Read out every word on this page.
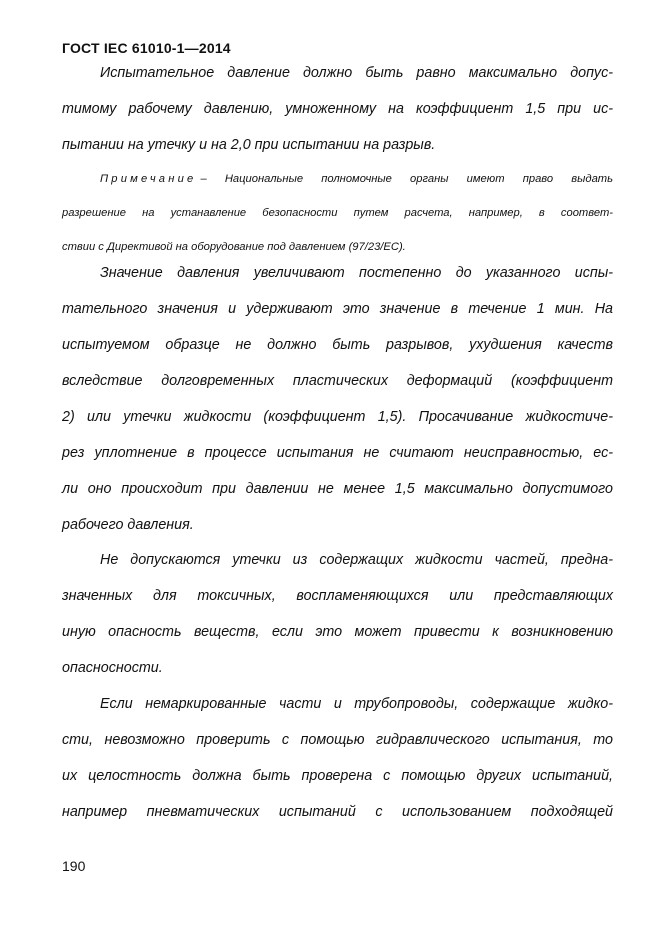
ГОСТ IEC 61010-1—2014
Испытательное давление должно быть равно максимально допус-
тимому рабочему давлению, умноженному на коэффициент 1,5 при ис-
пытании на утечку и на 2,0 при испытании на разрыв.
Примечание – Национальные полномочные органы имеют право выдать
разрешение на устанавление безопасности путем расчета, например, в соответ-
ствии с Директивой на оборудование под давлением (97/23/EC).
Значение давления увеличивают постепенно до указанного испы-
тательного значения и удерживают это значение в течение 1 мин. На
испытуемом образце не должно быть разрывов, ухудшения качеств
вследствие долговременных пластических деформаций (коэффициент
2) или утечки жидкости (коэффициент 1,5). Просачивание жидкостиче-
рез уплотнение в процессе испытания не считают неисправностью, ес-
ли оно происходит при давлении не менее 1,5 максимально допустимого
рабочего давления.
Не допускаются утечки из содержащих жидкости частей, предна-
значенных для токсичных, воспламеняющихся или представляющих
иную опасность веществ, если это может привести к возникновению
опасносности.
Если немаркированные части и трубопроводы, содержащие жидко-
сти, невозможно проверить с помощью гидравлического испытания, то
их целостность должна быть проверена с помощью других испытаний,
например пневматических испытаний с использованием подходящей
190
